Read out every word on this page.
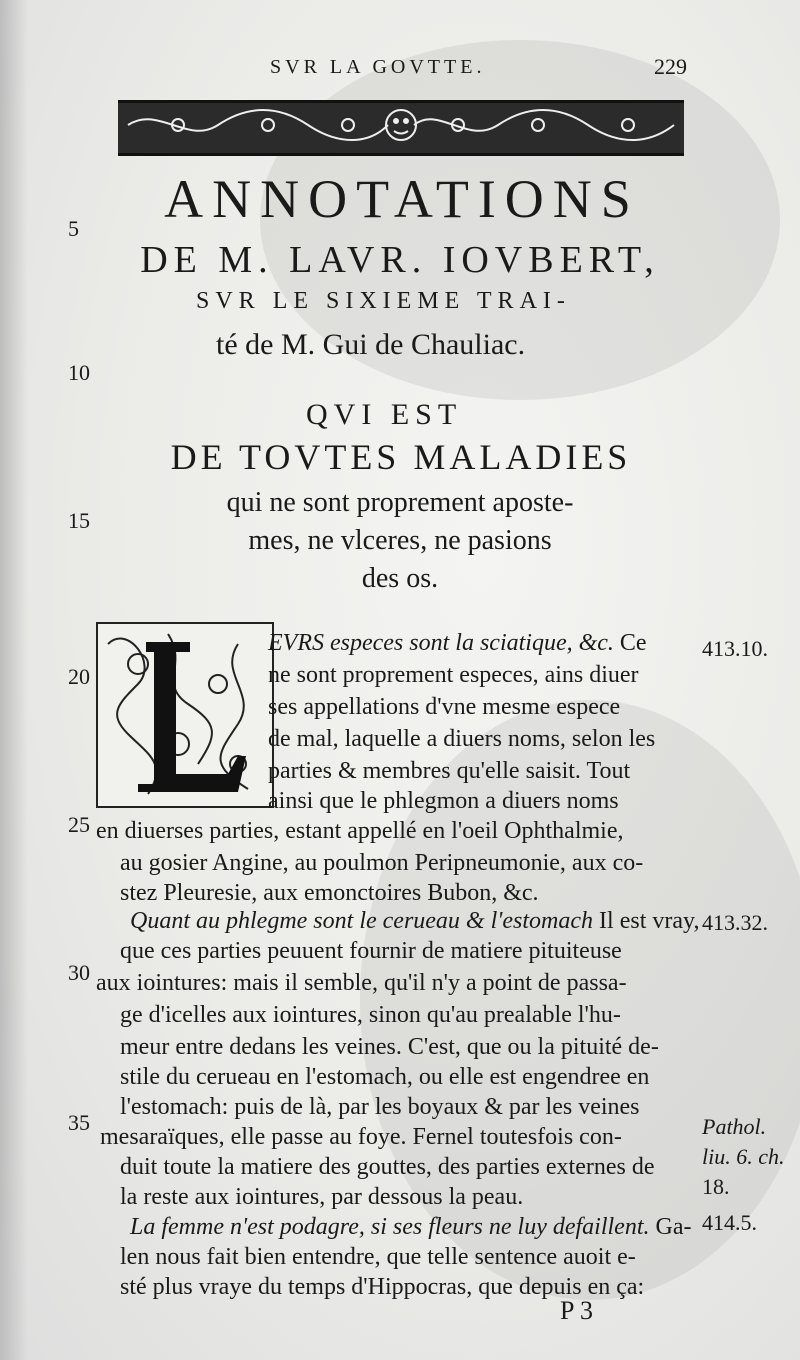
SVR LA GOVTTE.	229
ANNOTATIONS
DE M. LAVR. IOVBERT,
SVR LE SIXIEME TRAI-
té de M. Gui de Chauliac.
QVI EST
DE TOVTES MALADIES
qui ne sont proprement aposte-
mes, ne vlceres, ne pasions
des os.
5
10
15
20
25
30
35
EVRS especes sont la sciatique, &c. Ce
ne sont proprement especes, ains diuer
ses appellations d'vne mesme espece
de mal, laquelle a diuers noms, selon les
parties & membres qu'elle saisit. Tout
ainsi que le phlegmon a diuers noms
en diuerses parties, estant appellé en l'oeil Ophthalmie,
au gosier Angine, au poulmon Peripneumonie, aux co-
stez Pleuresie, aux emonctoires Bubon, &c.
Quant au phlegme sont le cerueau & l'estomach Il est vray,
que ces parties peuuent fournir de matiere pituiteuse
aux iointures: mais il semble, qu'il n'y a point de passa-
ge d'icelles aux iointures, sinon qu'au prealable l'hu-
meur entre dedans les veines. C'est, que ou la pituité de-
stile du cerueau en l'estomach, ou elle est engendree en
l'estomach: puis de là, par les boyaux & par les veines
mesaraïques, elle passe au foye. Fernel toutesfois con-
duit toute la matiere des gouttes, des parties externes de
la reste aux iointures, par dessous la peau.
La femme n'est podagre, si ses fleurs ne luy defaillent. Ga-
len nous fait bien entendre, que telle sentence auoit e-
sté plus vraye du temps d'Hippocras, que depuis en ça:
413.10.
413.32.
Pathol.
liu. 6. ch.
18.
414.5.
P 3
